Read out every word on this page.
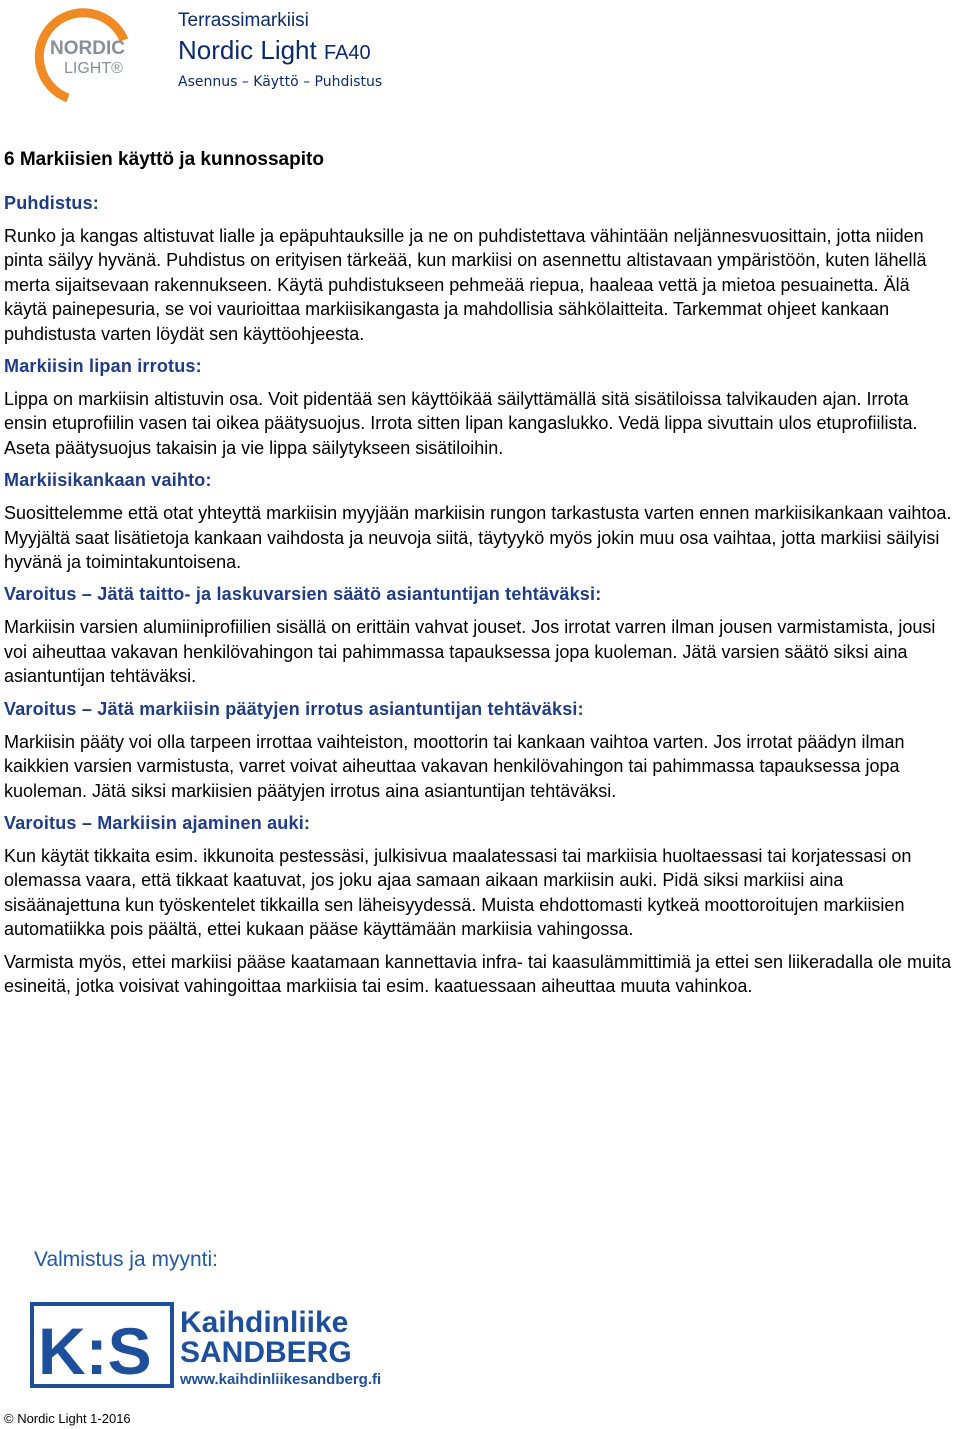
NORDIC
LIGHT®
Terrassimarkiisi
Nordic Light FA40
Asennus – Käyttö – Puhdistus
6 Markiisien käyttö ja kunnossapito
Puhdistus:

Runko ja kangas altistuvat lialle ja epäpuhtauksille ja ne on puhdistettava vähintään neljännesvuosittain, jotta niiden pinta säilyy hyvänä. Puhdistus on erityisen tärkeää, kun markiisi on asennettu altistavaan ympäristöön, kuten lähellä merta sijaitsevaan rakennukseen. Käytä puhdistukseen pehmeää riepua, haaleaa vettä ja mietoa pesuainetta. Älä käytä painepesuria, se voi vaurioittaa markiisikangasta ja mahdollisia sähkölaitteita. Tarkemmat ohjeet kankaan puhdistusta varten löydät sen käyttöohjeesta.

Markiisin lipan irrotus:

Lippa on markiisin altistuvin osa. Voit pidentää sen käyttöikää säilyttämällä sitä sisätiloissa talvikauden ajan. Irrota ensin etuprofiilin vasen tai oikea päätysuojus. Irrota sitten lipan kangaslukko. Vedä lippa sivuttain ulos etuprofiilista. Aseta päätysuojus takaisin ja vie lippa säilytykseen sisätiloihin.

Markiisikankaan vaihto:

Suosittelemme että otat yhteyttä markiisin myyjään markiisin rungon tarkastusta varten ennen markiisikankaan vaihtoa. Myyjältä saat lisätietoja kankaan vaihdosta ja neuvoja siitä, täytyykö myös jokin muu osa vaihtaa, jotta markiisi säilyisi hyvänä ja toimintakuntoisena.

Varoitus – Jätä taitto- ja laskuvarsien säätö asiantuntijan tehtäväksi:

Markiisin varsien alumiiniprofiilien sisällä on erittäin vahvat jouset. Jos irrotat varren ilman jousen varmistamista, jousi voi aiheuttaa vakavan henkilövahingon tai pahimmassa tapauksessa jopa kuoleman. Jätä varsien säätö siksi aina asiantuntijan tehtäväksi.

Varoitus – Jätä markiisin päätyjen irrotus asiantuntijan tehtäväksi:

Markiisin pääty voi olla tarpeen irrottaa vaihteiston, moottorin tai kankaan vaihtoa varten. Jos irrotat päädyn ilman kaikkien varsien varmistusta, varret voivat aiheuttaa vakavan henkilövahingon tai pahimmassa tapauksessa jopa kuoleman. Jätä siksi markiisien päätyjen irrotus aina asiantuntijan tehtäväksi.

Varoitus – Markiisin ajaminen auki:

Kun käytät tikkaita esim. ikkunoita pestessäsi, julkisivua maalatessasi tai markiisia huoltaessasi tai korjatessasi on olemassa vaara, että tikkaat kaatuvat, jos joku ajaa samaan aikaan markiisin auki. Pidä siksi markiisi aina sisäänajettuna kun työskentelet tikkailla sen läheisyydessä. Muista ehdottomasti kytkeä moottoroitujen markiisien automatiikka pois päältä, ettei kukaan pääse käyttämään markiisia vahingossa.

Varmista myös, ettei markiisi pääse kaatamaan kannettavia infra- tai kaasulämmittimiä ja ettei sen liikeradalla ole muita esineitä, jotka voisivat vahingoittaa markiisia tai esim. kaatuessaan aiheuttaa muuta vahinkoa.

Valmistus ja myynti:
K:S Kaihdinliike
SANDBERG
www.kaihdinliikesandberg.fi
© Nordic Light 1-2016
